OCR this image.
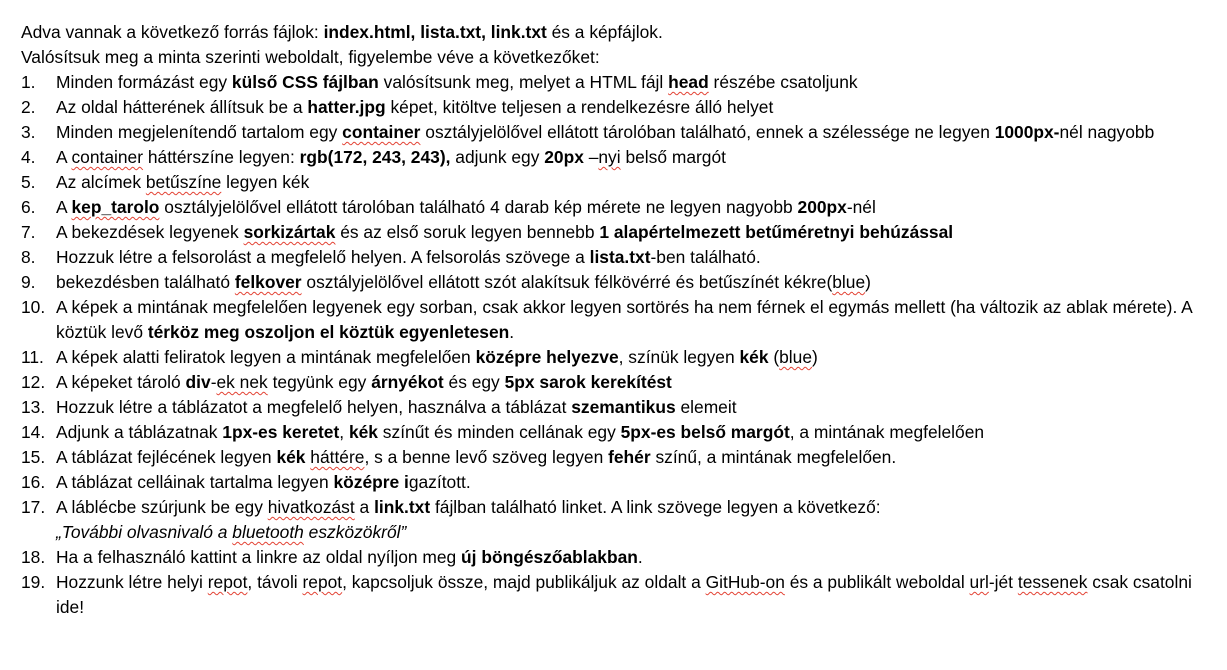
Adva vannak a következő forrás fájlok: index.html, lista.txt, link.txt és a képfájlok.
Valósítsuk meg a minta szerinti weboldalt, figyelembe véve a következőket:
1. Minden formázást egy külső CSS fájlban valósítsunk meg, melyet a HTML fájl head részébe csatoljunk
2. Az oldal hátterének állítsuk be a hatter.jpg képet, kitöltve teljesen a rendelkezésre álló helyet
3. Minden megjelenítendő tartalom egy container osztályjelölővel ellátott tárolóban található, ennek a szélessége ne legyen 1000px-nél nagyobb
4. A container háttérszíne legyen: rgb(172, 243, 243), adjunk egy 20px –nyi belső margót
5. Az alcímek betűszíne legyen kék
6. A kep_tarolo osztályjelölővel ellátott tárolóban található 4 darab kép mérete ne legyen nagyobb 200px-nél
7. A bekezdések legyenek sorkizártak és az első soruk legyen bennebb 1 alapértelmezett betűméretnyi behúzással
8. Hozzuk létre a felsorolást a megfelelő helyen. A felsorolás szövege a lista.txt-ben található.
9. bekezdésben található felkover osztályjelölővel ellátott szót alakítsuk félkövérré és betűszínét kékre(blue)
10. A képek a mintának megfelelően legyenek egy sorban, csak akkor legyen sortörés ha nem férnek el egymás mellett (ha változik az ablak mérete). A köztük levő térköz meg oszoljon el köztük egyenletesen.
11. A képek alatti feliratok legyen a mintának megfelelően középre helyezve, színük legyen kék (blue)
12. A képeket tároló div-ek nek tegyünk egy árnyékot és egy 5px sarok kerekítést
13. Hozzuk létre a táblázatot a megfelelő helyen, használva a táblázat szemantikus elemeit
14. Adjunk a táblázatnak 1px-es keretet, kék színűt és minden cellának egy 5px-es belső margót, a mintának megfelelően
15. A táblázat fejlécének legyen kék háttére, s a benne levő szöveg legyen fehér színű, a mintának megfelelően.
16. A táblázat celláinak tartalma legyen középre igazított.
17. A láblécbe szúrjunk be egy hivatkozást a link.txt fájlban található linket. A link szövege legyen a következő:
„További olvasnivaló a bluetooth eszközökről”
18. Ha a felhasználó kattint a linkre az oldal nyíljon meg új böngészőablakban.
19. Hozzunk létre helyi repot, távoli repot, kapcsoljuk össze, majd publikáljuk az oldalt a GitHub-on és a publikált weboldal url-jét tessenek csak csatolni ide!
